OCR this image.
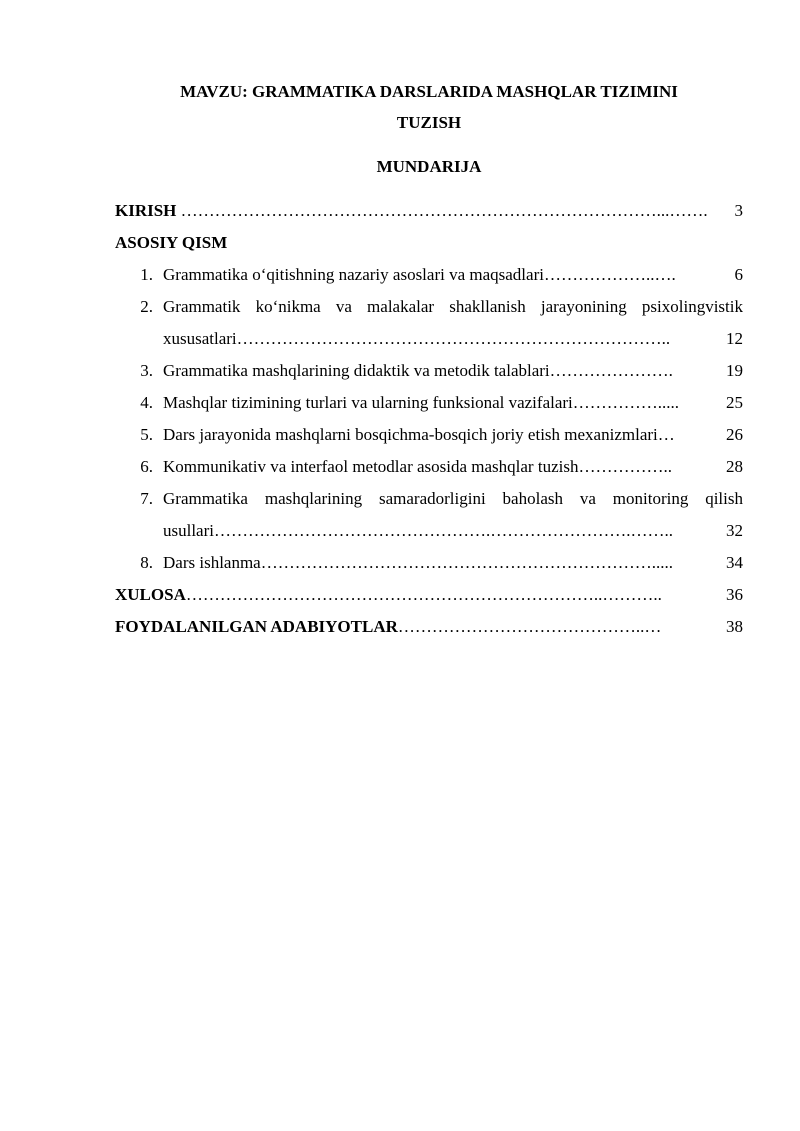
MAVZU: GRAMMATIKA DARSLARIDA MASHQLAR TIZIMINI
TUZISH
MUNDARIJA
KIRISH …………………………………………………………………………...…….	3
ASOSIY QISM
1. Grammatika o‘qitishning nazariy asoslari va maqsadlari………………..….	6
2. Grammatik ko‘nikma va malakalar shakllanish jarayonining psixolingvistik
xususatlari…………………………………………………………………..	12
3. Grammatika mashqlarining didaktik va metodik talablari………………….	19
4. Mashqlar tizimining turlari va ularning funksional vazifalari…………….....	25
5. Dars jarayonida mashqlarni bosqichma-bosqich joriy etish mexanizmlari…	26
6. Kommunikativ va interfaol metodlar asosida mashqlar tuzish……………..	28
7. Grammatika mashqlarining samaradorligini baholash va monitoring qilish
usullari………………………………………….…………………….……..	32
8. Dars ishlanma…………………………………………………………….....	34
XULOSA………………………………………………………………..………..	36
FOYDALANILGAN ADABIYOTLAR……………………………………..…	38
